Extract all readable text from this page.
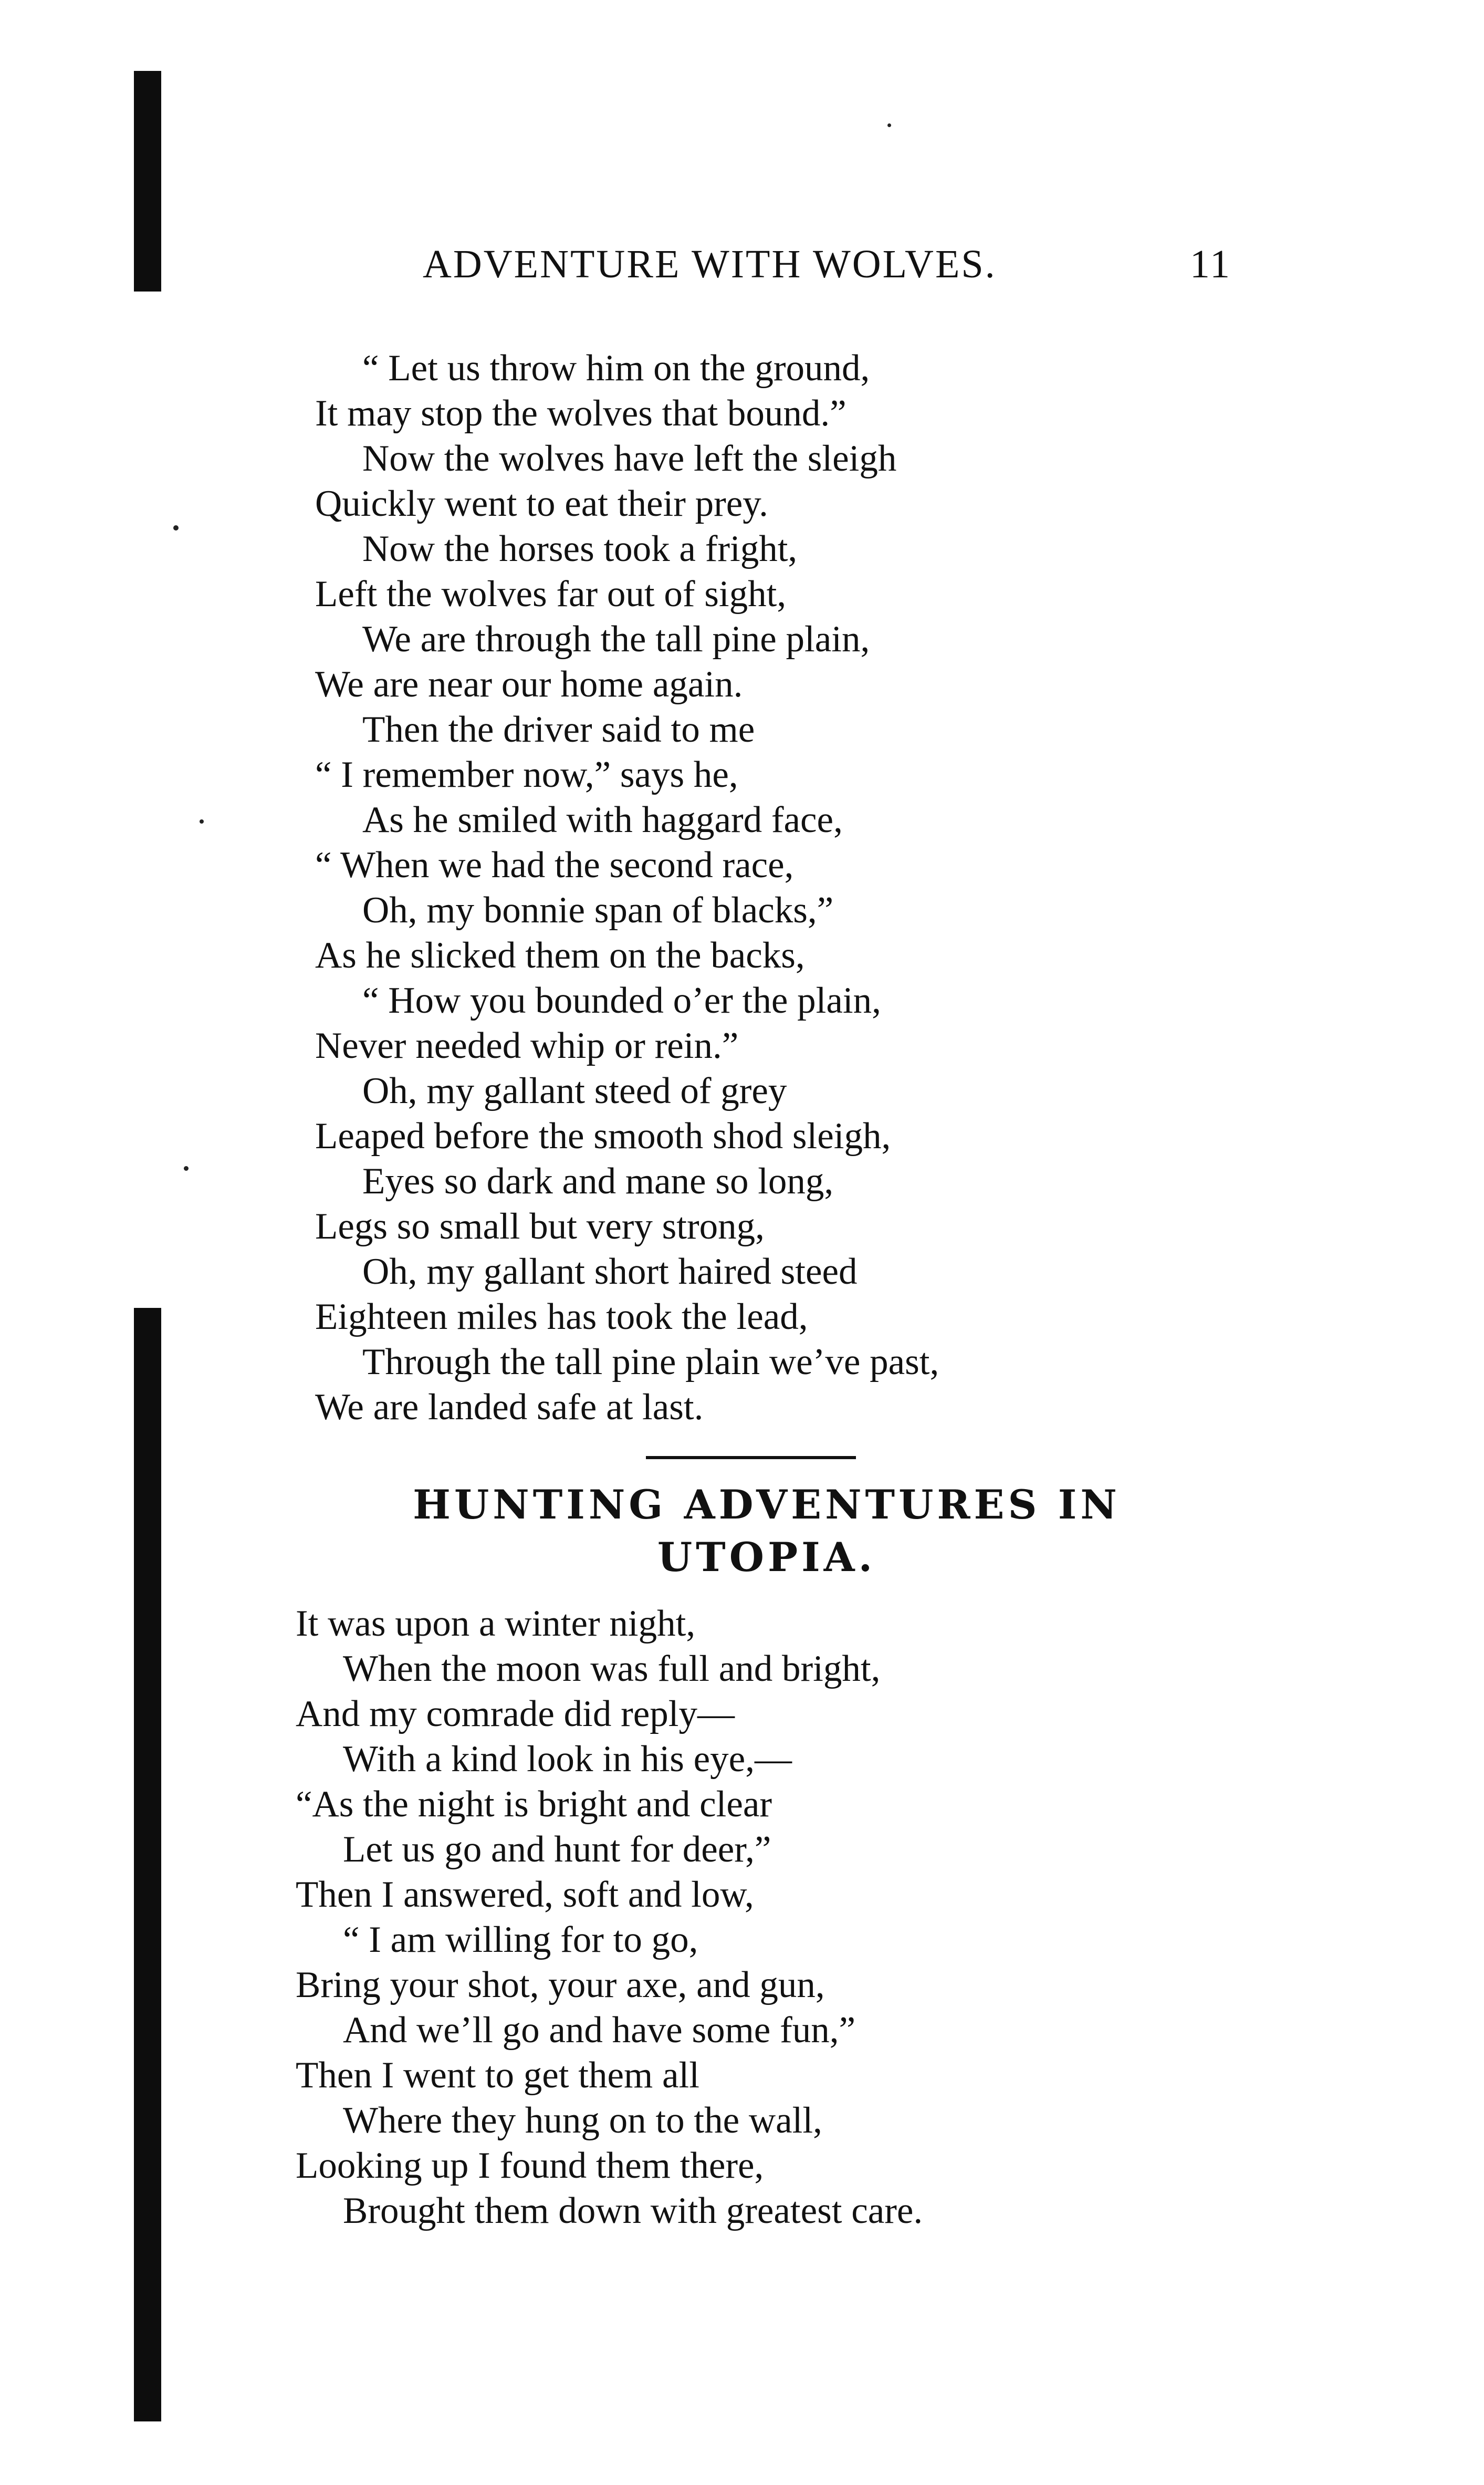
ADVENTURE WITH WOLVES.	11
“ Let us throw him on the ground,
It may stop the wolves that bound.”
Now the wolves have left the sleigh
Quickly went to eat their prey.
Now the horses took a fright,
Left the wolves far out of sight,
We are through the tall pine plain,
We are near our home again.
Then the driver said to me
“ I remember now,” says he,
As he smiled with haggard face,
“ When we had the second race,
Oh, my bonnie span of blacks,”
As he slicked them on the backs,
“ How you bounded o’er the plain,
Never needed whip or rein.”
Oh, my gallant steed of grey
Leaped before the smooth shod sleigh,
Eyes so dark and mane so long,
Legs so small but very strong,
Oh, my gallant short haired steed
Eighteen miles has took the lead,
Through the tall pine plain we’ve past,
We are landed safe at last.
HUNTING ADVENTURES IN
UTOPIA.
It was upon a winter night,
When the moon was full and bright,
And my comrade did reply—
With a kind look in his eye,—
“As the night is bright and clear
Let us go and hunt for deer,”
Then I answered, soft and low,
“ I am willing for to go,
Bring your shot, your axe, and gun,
And we’ll go and have some fun,”
Then I went to get them all
Where they hung on to the wall,
Looking up I found them there,
Brought them down with greatest care.
